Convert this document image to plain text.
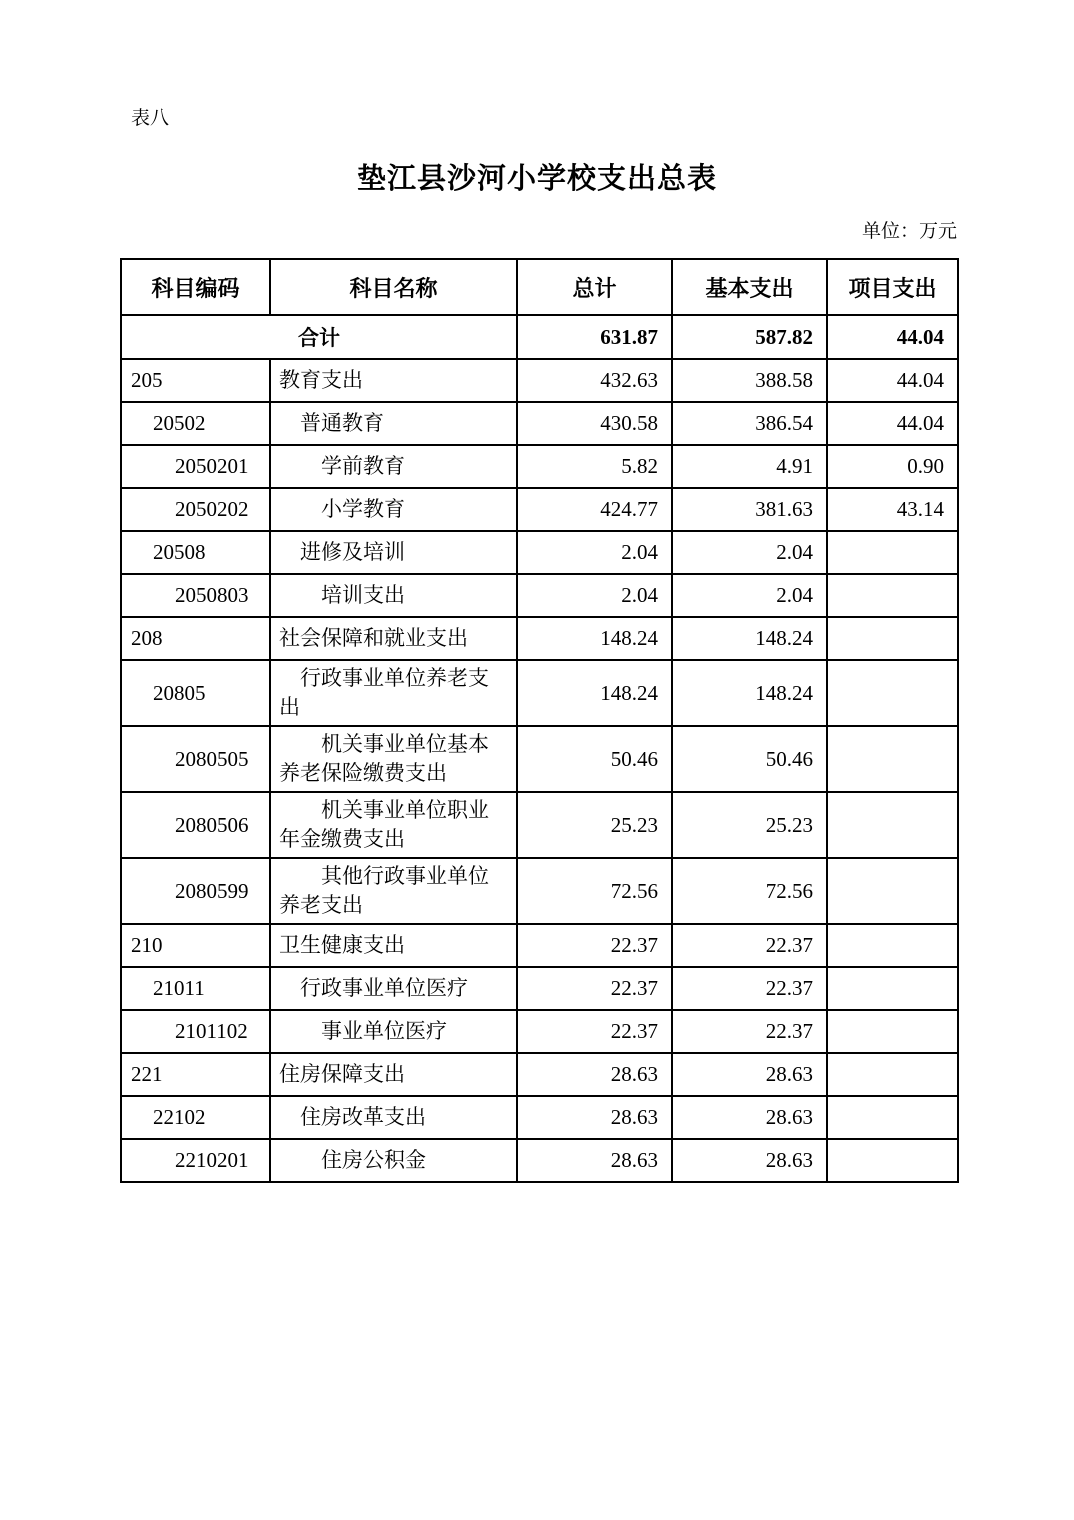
表八
垫江县沙河小学校支出总表
单位：万元
科目编码	科目名称	总计	基本支出	项目支出
合计		631.87	587.82	44.04
205	教育支出	432.63	388.58	44.04
20502	普通教育	430.58	386.54	44.04
2050201	学前教育	5.82	4.91	0.90
2050202	小学教育	424.77	381.63	43.14
20508	进修及培训	2.04	2.04	
2050803	培训支出	2.04	2.04	
208	社会保障和就业支出	148.24	148.24	
20805	行政事业单位养老支出	148.24	148.24	
2080505	机关事业单位基本养老保险缴费支出	50.46	50.46	
2080506	机关事业单位职业年金缴费支出	25.23	25.23	
2080599	其他行政事业单位养老支出	72.56	72.56	
210	卫生健康支出	22.37	22.37	
21011	行政事业单位医疗	22.37	22.37	
2101102	事业单位医疗	22.37	22.37	
221	住房保障支出	28.63	28.63	
22102	住房改革支出	28.63	28.63	
2210201	住房公积金	28.63	28.63	
